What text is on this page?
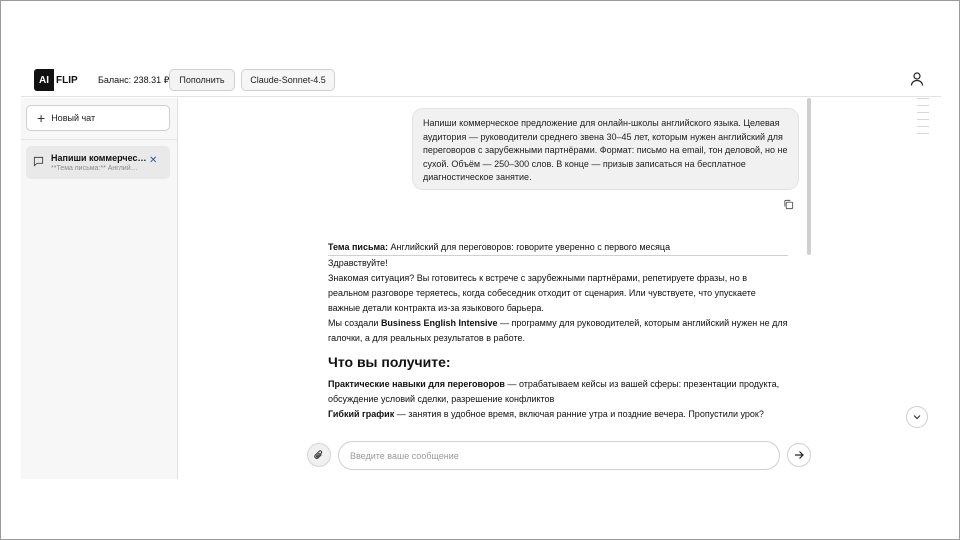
AI FLIP Баланс: 238.31 ₽	Пополнить	Claude-Sonnet-4.5
+ Новый чат
Напиши коммерчес…
**Тема письма:** Англий…
✕
Напиши коммерческое предложение для онлайн-школы английского языка. Целевая аудитория — руководители среднего звена 30–45 лет, которым нужен английский для переговоров с зарубежными партнёрами. Формат: письмо на email, тон деловой, но не сухой. Объём — 250–300 слов. В конце — призыв записаться на бесплатное диагностическое занятие.
Тема письма: Английский для переговоров: говорите уверенно с первого месяца
Здравствуйте!
Знакомая ситуация? Вы готовитесь к встрече с зарубежными партнёрами, репетируете фразы, но в реальном разговоре теряетесь, когда собеседник отходит от сценария. Или чувствуете, что упускаете важные детали контракта из-за языкового барьера.
Мы создали Business English Intensive — программу для руководителей, которым английский нужен не для галочки, а для реальных результатов в работе.
Что вы получите:
Практические навыки для переговоров — отрабатываем кейсы из вашей сферы: презентации продукта, обсуждение условий сделки, разрешение конфликтов
Гибкий график — занятия в удобное время, включая ранние утра и поздние вечера. Пропустили урок?
Введите ваше сообщение
